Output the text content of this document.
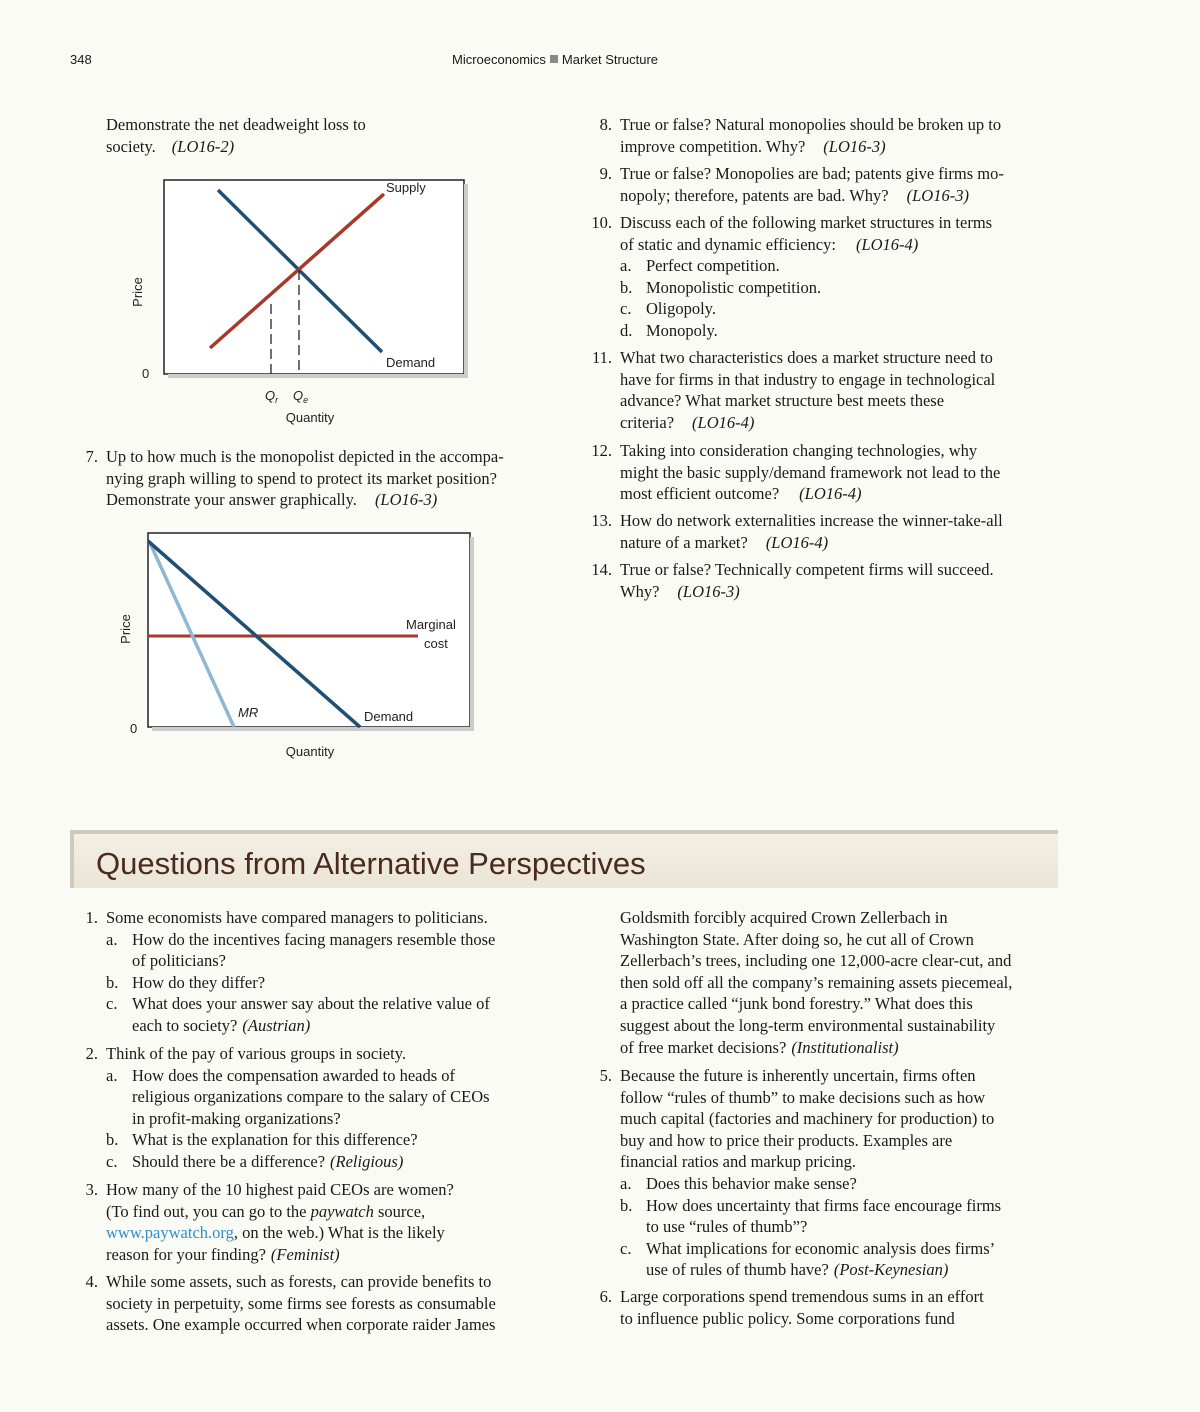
348	Microeconomics Market Structure
Demonstrate the net deadweight loss to
society. (LO16-2)
Supply
Demand
0
Price
$Q_r$ $Q_e$
Quantity
7. Up to how much is the monopolist depicted in the accompa-
nying graph willing to spend to protect its market position?
Demonstrate your answer graphically. (LO16-3)
Marginal
cost
MR	Demand
0
Price
Quantity
8. True or false? Natural monopolies should be broken up to
improve competition. Why? (LO16-3)
9. True or false? Monopolies are bad; patents give firms mo-
nopoly; therefore, patents are bad. Why? (LO16-3)
10. Discuss each of the following market structures in terms
of static and dynamic efficiency: (LO16-4)
a. Perfect competition.
b. Monopolistic competition.
c. Oligopoly.
d. Monopoly.
11. What two characteristics does a market structure need to
have for firms in that industry to engage in technological
advance? What market structure best meets these
criteria? (LO16-4)
12. Taking into consideration changing technologies, why
might the basic supply/demand framework not lead to the
most efficient outcome? (LO16-4)
13. How do network externalities increase the winner-take-all
nature of a market? (LO16-4)
14. True or false? Technically competent firms will succeed.
Why? (LO16-3)
Questions from Alternative Perspectives
1. Some economists have compared managers to politicians.
a. How do the incentives facing managers resemble those
of politicians?
b. How do they differ?
c. What does your answer say about the relative value of
each to society? (Austrian)
2. Think of the pay of various groups in society.
a. How does the compensation awarded to heads of
religious organizations compare to the salary of CEOs
in profit-making organizations?
b. What is the explanation for this difference?
c. Should there be a difference? (Religious)
3. How many of the 10 highest paid CEOs are women?
(To find out, you can go to the paywatch source,
www.paywatch.org, on the web.) What is the likely
reason for your finding? (Feminist)
4. While some assets, such as forests, can provide benefits to
society in perpetuity, some firms see forests as consumable
assets. One example occurred when corporate raider James
Goldsmith forcibly acquired Crown Zellerbach in
Washington State. After doing so, he cut all of Crown
Zellerbach’s trees, including one 12,000-acre clear-cut, and
then sold off all the company’s remaining assets piecemeal,
a practice called “junk bond forestry.” What does this
suggest about the long-term environmental sustainability
of free market decisions? (Institutionalist)
5. Because the future is inherently uncertain, firms often
follow “rules of thumb” to make decisions such as how
much capital (factories and machinery for production) to
buy and how to price their products. Examples are
financial ratios and markup pricing.
a. Does this behavior make sense?
b. How does uncertainty that firms face encourage firms
to use “rules of thumb”?
c. What implications for economic analysis does firms’
use of rules of thumb have? (Post-Keynesian)
6. Large corporations spend tremendous sums in an effort
to influence public policy. Some corporations fund
